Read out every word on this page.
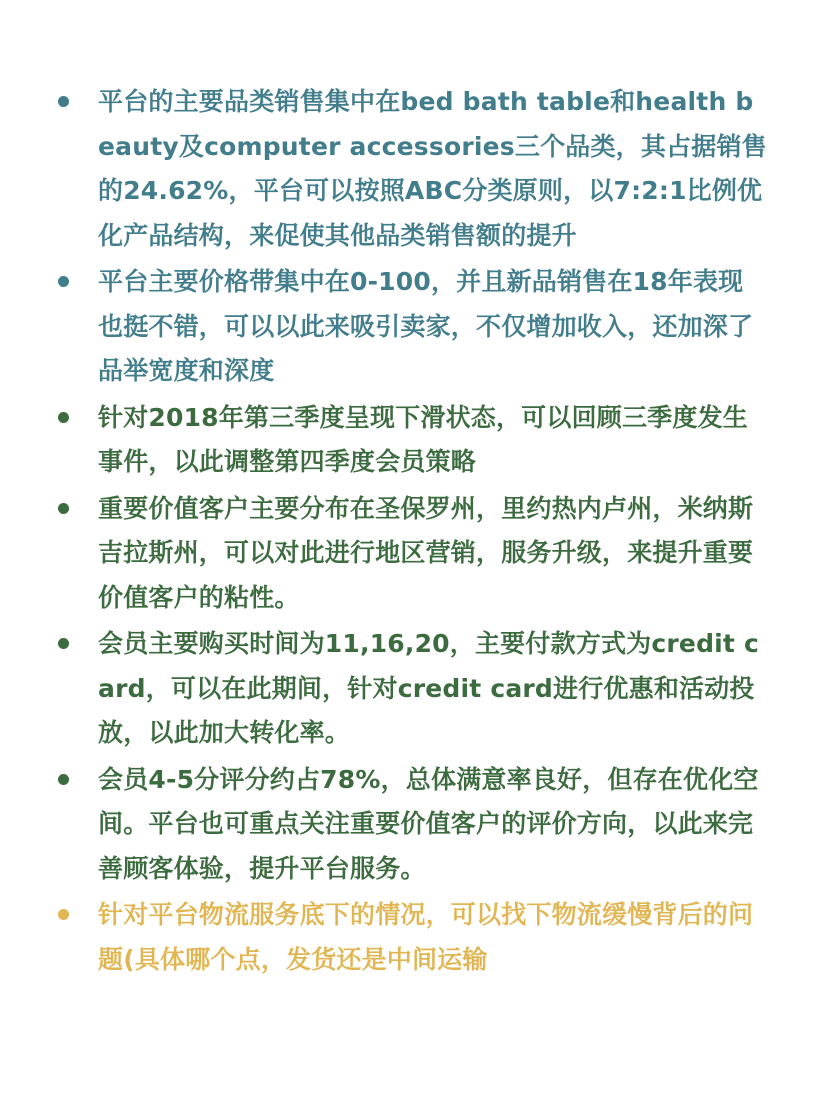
平台的主要品类销售集中在bed bath table和health beauty及computer accessories三个品类，其占据销售的24.62%，平台可以按照ABC分类原则，以7:2:1比例优化产品结构，来促使其他品类销售额的提升
平台主要价格带集中在0-100，并且新品销售在18年表现也挺不错，可以以此来吸引卖家，不仅增加收入，还加深了品举宽度和深度
针对2018年第三季度呈现下滑状态，可以回顾三季度发生事件，以此调整第四季度会员策略
重要价值客户主要分布在圣保罗州，里约热内卢州，米纳斯吉拉斯州，可以对此进行地区营销，服务升级，来提升重要价值客户的粘性。
会员主要购买时间为11,16,20，主要付款方式为credit card，可以在此期间，针对credit card进行优惠和活动投放，以此加大转化率。
会员4-5分评分约占78%，总体满意率良好，但存在优化空间。平台也可重点关注重要价值客户的评价方向，以此来完善顾客体验，提升平台服务。
针对平台物流服务底下的情况，可以找下物流缓慢背后的问题(具体哪个点，发货还是中间运输
